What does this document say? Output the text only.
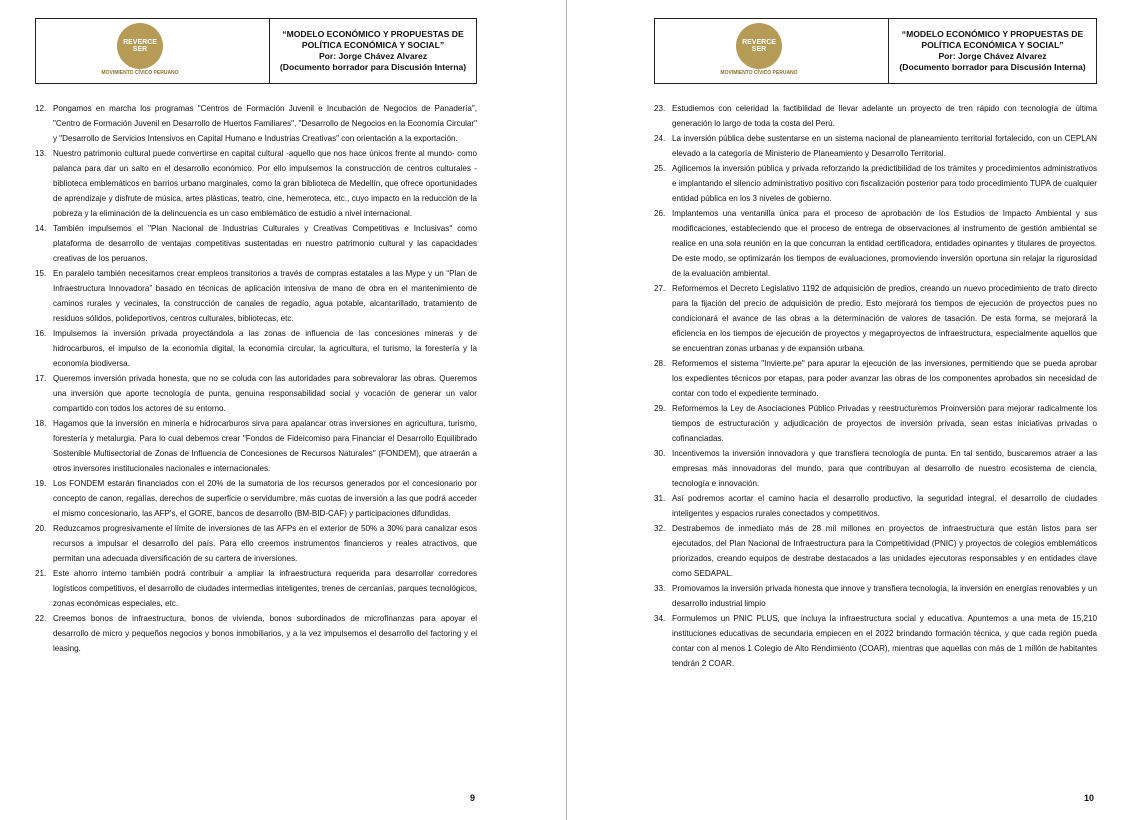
REVERCE SER
MOVIMIENTO CÍVICO PERUANO
“MODELO ECONÓMICO Y PROPUESTAS DE
POLÍTICA ECONÓMICA Y SOCIAL”
Por: Jorge Chávez Alvarez
(Documento borrador para Discusión Interna)
12. Pongamos en marcha los programas "Centros de Formación Juvenil e Incubación de Negocios de Panadería", "Centro de Formación Juvenil en Desarrollo de Huertos Familiares", "Desarrollo de Negocios en la Economía Circular" y "Desarrollo de Servicios Intensivos en Capital Humano e Industrias Creativas" con orientación a la exportación.
13. Nuestro patrimonio cultural puede convertirse en capital cultural -aquello que nos hace únicos frente al mundo- como palanca para dar un salto en el desarrollo económico. Por ello impulsemos la construcción de centros culturales - biblioteca emblemáticos en barrios urbano marginales, como la gran biblioteca de Medellín, que ofrece oportunidades de aprendizaje y disfrute de música, artes plásticas, teatro, cine, hemeroteca, etc., cuyo impacto en la reducción de la pobreza y la eliminación de la delincuencia es un caso emblemático de estudio a nivel internacional.
14. También impulsemos el "Plan Nacional de Industrias Culturales y Creativas Competitivas e Inclusivas" como plataforma de desarrollo de ventajas competitivas sustentadas en nuestro patrimonio cultural y las capacidades creativas de los peruanos.
15. En paralelo también necesitamos crear empleos transitorios a través de compras estatales a las Mype y un “Plan de Infraestructura Innovadora” basado en técnicas de aplicación intensiva de mano de obra en el mantenimiento de caminos rurales y vecinales, la construcción de canales de regadío, agua potable, alcantarillado, tratamiento de residuos sólidos, polideportivos, centros culturales, bibliotecas, etc.
16. Impulsemos la inversión privada proyectándola a las zonas de influencia de las concesiones mineras y de hidrocarburos, el impulso de la economía digital, la economía circular, la agricultura, el turismo, la forestería y la economía biodiversa.
17. Queremos inversión privada honesta, que no se coluda con las autoridades para sobrevalorar las obras. Queremos una inversión que aporte tecnología de punta, genuina responsabilidad social y vocación de generar un valor compartido con todos los actores de su entorno.
18. Hagamos que la inversión en minería e hidrocarburos sirva para apalancar otras inversiones en agricultura, turismo, forestería y metalurgia. Para lo cual debemos crear "Fondos de Fideicomiso para Financiar el Desarrollo Equilibrado Sostenible Multisectorial de Zonas de Influencia de Concesiones de Recursos Naturales" (FONDEM), que atraerán a otros inversores institucionales nacionales e internacionales.
19. Los FONDEM estarán financiados con el 20% de la sumatoria de los recursos generados por el concesionario por concepto de canon, regalías, derechos de superficie o servidumbre, más cuotas de inversión a las que podrá acceder el mismo concesionario, las AFP's, el GORE, bancos de desarrollo (BM-BID-CAF) y participaciones difundidas.
20. Reduzcamos progresivamente el límite de inversiones de las AFPs en el exterior de 50% a 30% para canalizar esos recursos a impulsar el desarrollo del país. Para ello creemos instrumentos financieros y reales atractivos, que permitan una adecuada diversificación de su cartera de inversiones.
21. Este ahorro interno también podrá contribuir a ampliar la infraestructura requerida para desarrollar corredores logísticos competitivos, el desarrollo de ciudades intermedias inteligentes, trenes de cercanías, parques tecnológicos, zonas económicas especiales, etc.
22. Creemos bonos de infraestructura, bonos de vivienda, bonos subordinados de microfinanzas para apoyar el desarrollo de micro y pequeños negocios y bonos inmobiliarios, y a la vez impulsemos el desarrollo del factoring y el leasing.
9
REVERCE SER
MOVIMIENTO CÍVICO PERUANO
“MODELO ECONÓMICO Y PROPUESTAS DE
POLÍTICA ECONÓMICA Y SOCIAL”
Por: Jorge Chávez Alvarez
(Documento borrador para Discusión Interna)
23. Estudiemos con celeridad la factibilidad de llevar adelante un proyecto de tren rápido con tecnología de última generación lo largo de toda la costa del Perú.
24. La inversión pública debe sustentarse en un sistema nacional de planeamiento territorial fortalecido, con un CEPLAN elevado a la categoría de Ministerio de Planeamiento y Desarrollo Territorial.
25. Agilicemos la inversión pública y privada reforzando la predictibilidad de los trámites y procedimientos administrativos e implantando el silencio administrativo positivo con fiscalización posterior para todo procedimiento TUPA de cualquier entidad pública en los 3 niveles de gobierno.
26. Implantemos una ventanilla única para el proceso de aprobación de los Estudios de Impacto Ambiental y sus modificaciones, estableciendo que el proceso de entrega de observaciones al instrumento de gestión ambiental se realice en una sola reunión en la que concurran la entidad certificadora, entidades opinantes y titulares de proyectos. De este modo, se optimizarán los tiempos de evaluaciones, promoviendo inversión oportuna sin relajar la rigurosidad de la evaluación ambiental.
27. Reformemos el Decreto Legislativo 1192 de adquisición de predios, creando un nuevo procedimiento de trato directo para la fijación del precio de adquisición de predio. Esto mejorará los tiempos de ejecución de proyectos pues no condicionará el avance de las obras a la determinación de valores de tasación. De esta forma, se mejorará la eficiencia en los tiempos de ejecución de proyectos y megaproyectos de infraestructura, especialmente aquellos que se encuentran zonas urbanas y de expansión urbana.
28. Reformemos el sistema "Invierte.pe" para apurar la ejecución de las inversiones, permitiendo que se pueda aprobar los expedientes técnicos por etapas, para poder avanzar las obras de los componentes aprobados sin necesidad de contar con todo el expediente terminado.
29. Reformemos la Ley de Asociaciones Público Privadas y reestructuremos Proinversión para mejorar radicalmente los tiempos de estructuración y adjudicación de proyectos de inversión privada, sean estas iniciativas privadas o cofinanciadas.
30. Incentivemos la inversión innovadora y que transfiera tecnología de punta. En tal sentido, buscaremos atraer a las empresas más innovadoras del mundo, para que contribuyan al desarrollo de nuestro ecosistema de ciencia, tecnología e innovación.
31. Así podremos acortar el camino hacia el desarrollo productivo, la seguridad integral, el desarrollo de ciudades inteligentes y espacios rurales conectados y competitivos.
32. Destrabemos de inmediato más de 28 mil millones en proyectos de infraestructura que están listos para ser ejecutados, del Plan Nacional de Infraestructura para la Competitividad (PNIC) y proyectos de colegios emblemáticos priorizados, creando equipos de destrabe destacados a las unidades ejecutoras responsables y en entidades clave como SEDAPAL.
33. Promovamos la inversión privada honesta que innove y transfiera tecnología, la inversión en energías renovables y un desarrollo industrial limpio
34. Formulemos un PNIC PLUS, que incluya la infraestructura social y educativa. Apuntemos a una meta de 15,210 instituciones educativas de secundaria empiecen en el 2022 brindando formación técnica, y que cada región pueda contar con al menos 1 Colegio de Alto Rendimiento (COAR), mientras que aquellas con más de 1 millón de habitantes tendrán 2 COAR.
10
